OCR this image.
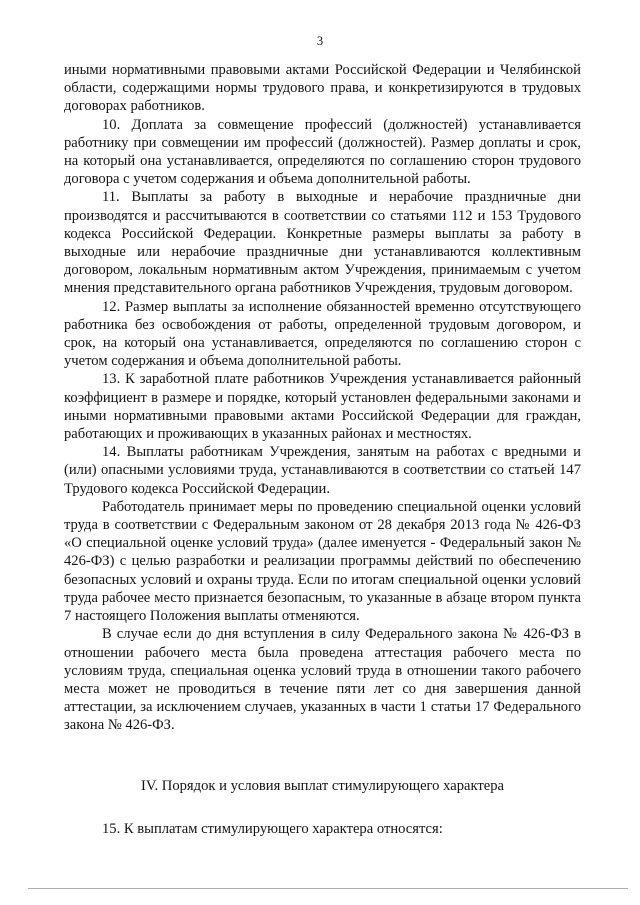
3

иными нормативными правовыми актами Российской Федерации и Челябинской области, содержащими нормы трудового права, и конкретизируются в трудовых договорах работников.

10. Доплата за совмещение профессий (должностей) устанавливается работнику при совмещении им профессий (должностей). Размер доплаты и срок, на который она устанавливается, определяются по соглашению сторон трудового договора с учетом содержания и объема дополнительной работы.

11. Выплаты за работу в выходные и нерабочие праздничные дни производятся и рассчитываются в соответствии со статьями 112 и 153 Трудового кодекса Российской Федерации. Конкретные размеры выплаты за работу в выходные или нерабочие праздничные дни устанавливаются коллективным договором, локальным нормативным актом Учреждения, принимаемым с учетом мнения представительного органа работников Учреждения, трудовым договором.

12. Размер выплаты за исполнение обязанностей временно отсутствующего работника без освобождения от работы, определенной трудовым договором, и срок, на который она устанавливается, определяются по соглашению сторон с учетом содержания и объема дополнительной работы.

13. К заработной плате работников Учреждения устанавливается районный коэффициент в размере и порядке, который установлен федеральными законами и иными нормативными правовыми актами Российской Федерации для граждан, работающих и проживающих в указанных районах и местностях.

14. Выплаты работникам Учреждения, занятым на работах с вредными и (или) опасными условиями труда, устанавливаются в соответствии со статьей 147 Трудового кодекса Российской Федерации.

Работодатель принимает меры по проведению специальной оценки условий труда в соответствии с Федеральным законом от 28 декабря 2013 года № 426-ФЗ «О специальной оценке условий труда» (далее именуется - Федеральный закон № 426-ФЗ) с целью разработки и реализации программы действий по обеспечению безопасных условий и охраны труда. Если по итогам специальной оценки условий труда рабочее место признается безопасным, то указанные в абзаце втором пункта 7 настоящего Положения выплаты отменяются.

В случае если до дня вступления в силу Федерального закона № 426-ФЗ в отношении рабочего места была проведена аттестация рабочего места по условиям труда, специальная оценка условий труда в отношении такого рабочего места может не проводиться в течение пяти лет со дня завершения данной аттестации, за исключением случаев, указанных в части 1 статьи 17 Федерального закона № 426-ФЗ.

IV. Порядок и условия выплат стимулирующего характера

15. К выплатам стимулирующего характера относятся:
